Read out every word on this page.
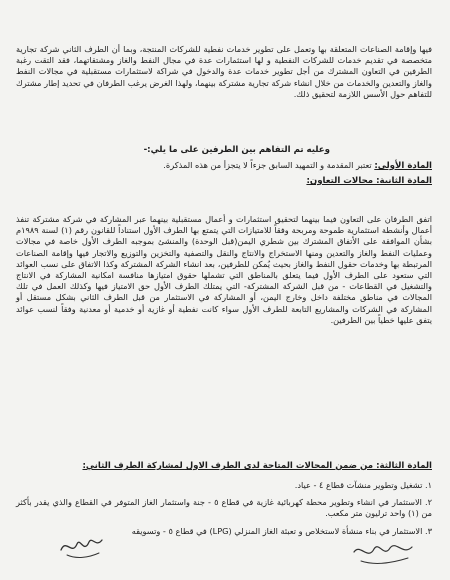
فيها وإقامة الصناعات المتعلقة بها وتعمل على تطوير خدمات نفطية للشركات المنتجة، وبما أن الطرف الثاني شركة تجارية متخصصة في تقديم خدمات للشركات النفطية و لها استثمارات عدة في مجال النفط والغاز ومشتقاتهما، فقد التقت رغبة الطرفين في التعاون المشترك من أجل تطوير خدمات عدة والدخول في شراكة لاستثمارات مستقبلية في مجالات النفط والغاز والتعدين والخدمات من خلال انشاء شركة تجارية مشتركة بينهما، ولهذا الغرض يرغب الطرفان في تحديد إطار مشترك للتفاهم حول الأسس اللازمة لتحقيق ذلك.

وعليه تم التفاهم بين الطرفين على ما يلي:-
المادة الأولى: تعتبر المقدمة و التمهيد السابق جزءاً لا يتجزأ من هذه المذكرة.
المادة الثانية: مجالات التعاون:

اتفق الطرفان على التعاون فيما بينهما لتحقيق استثمارات و أعمال مستقبلية بينهما عبر المشاركة في شركة مشتركة تنفذ أعمال وأنشطة استثمارية طموحة ومربحة وفقاً للامتيازات التي يتمتع بها الطرف الأول استناداً للقانون رقم (١) لسنة ١٩٨٩م بشأن الموافقة على الأتفاق المشترك بين شطري اليمن(قبل الوحدة) والمنشئ بموجبه الطرف الأول خاصة في مجالات وعمليات النفط والغاز والتعدين ومنها الاستخراج والانتاج والنقل والتصفية والتخزين والتوزيع والاتجار فيها وإقامة الصناعات المرتبطة بها وخدمات حقول النفط والغاز بحيث يُمكن للطرفين، بعد انشاء الشركة المشتركة وكذا الاتفاق على نسب العوائد التي ستعود على الطرف الأول فيما يتعلق بالمناطق التي تشملها حقوق امتيازها منافسة امكانية المشاركة في الانتاج والتشغيل في القطاعات - من قبل الشركة المشتركة- التي يمتلك الطرف الأول حق الامتياز فيها وكذلك العمل في تلك المجالات في مناطق مختلفة داخل وخارج اليمن، أو المشاركة في الاستثمار من قبل الطرف الثاني بشكل مستقل أو المشاركة في الشركات والمشاريع التابعة للطرف الأول سواء كانت نفطية أو غازية أو خدمية أو معدنية وفقاً لنسب عوائد يتفق عليها خطياً بين الطرفين.

المادة الثالثة: من ضمن المجالات المتاحة لدى الطرف الاول لمشاركة الطرف الثاني:

١. تشغيل وتطوير منشآت قطاع ٤ - عياد.

٢. الاستثمار في انشاء وتطوير محطة كهربائية غازية في قطاع ٥ - جنة واستثمار الغاز المتوفر في القطاع والذي يقدر بأكثر من (١) واحد ترليون متر مكعب.

٣. الاستثمار في بناء منشأة لاستخلاص و تعبئة الغاز المنزلي (LPG) في قطاع ٥ - وتسويقه
